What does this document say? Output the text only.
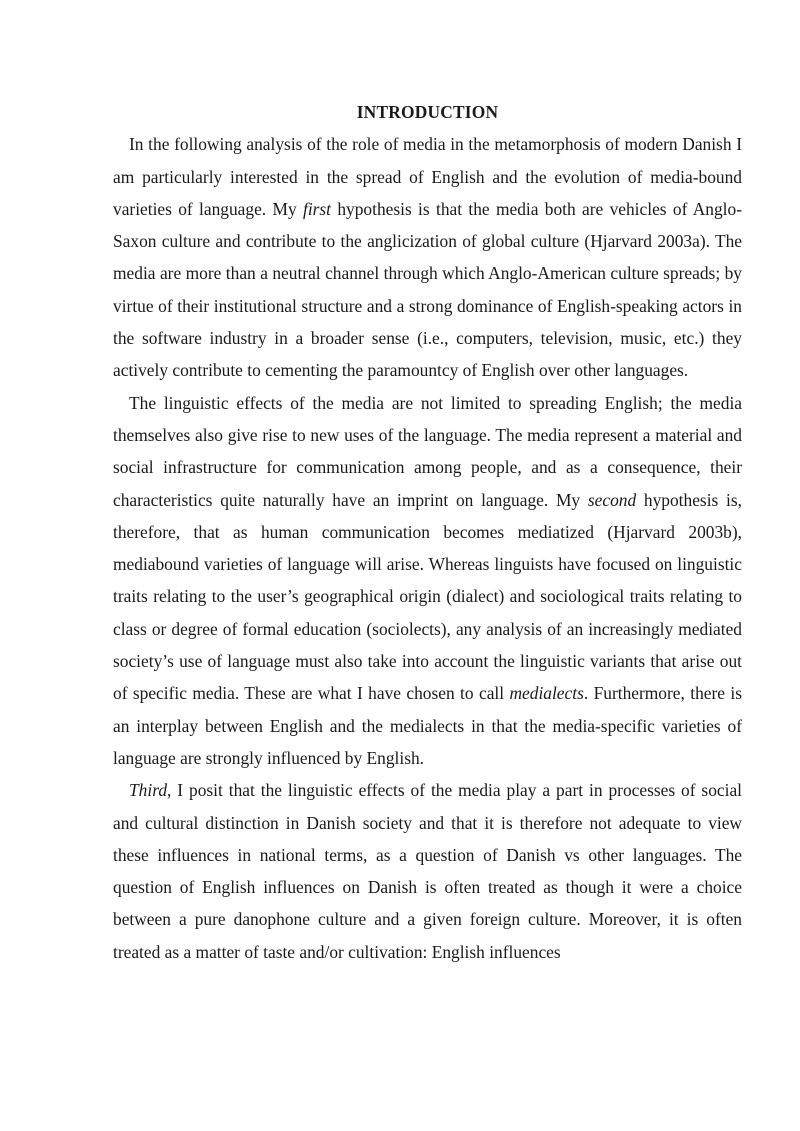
INTRODUCTION

In the following analysis of the role of media in the metamorphosis of modern Danish I am particularly interested in the spread of English and the evolution of media-bound varieties of language. My first hypothesis is that the media both are vehicles of Anglo-Saxon culture and contribute to the anglicization of global culture (Hjarvard 2003a). The media are more than a neutral channel through which Anglo-American culture spreads; by virtue of their institutional structure and a strong dominance of English-speaking actors in the software industry in a broader sense (i.e., computers, television, music, etc.) they actively contribute to cementing the paramountcy of English over other languages.

The linguistic effects of the media are not limited to spreading English; the media themselves also give rise to new uses of the language. The media represent a material and social infrastructure for communication among people, and as a consequence, their characteristics quite naturally have an imprint on language. My second hypothesis is, therefore, that as human communication becomes mediatized (Hjarvard 2003b), mediabound varieties of language will arise. Whereas linguists have focused on linguistic traits relating to the user’s geographical origin (dialect) and sociological traits relating to class or degree of formal education (sociolects), any analysis of an increasingly mediated society’s use of language must also take into account the linguistic variants that arise out of specific media. These are what I have chosen to call medialects. Furthermore, there is an interplay between English and the medialects in that the media-specific varieties of language are strongly influenced by English.

Third, I posit that the linguistic effects of the media play a part in processes of social and cultural distinction in Danish society and that it is therefore not adequate to view these influences in national terms, as a question of Danish vs other languages. The question of English influences on Danish is often treated as though it were a choice between a pure danophone culture and a given foreign culture. Moreover, it is often treated as a matter of taste and/or cultivation: English influences
